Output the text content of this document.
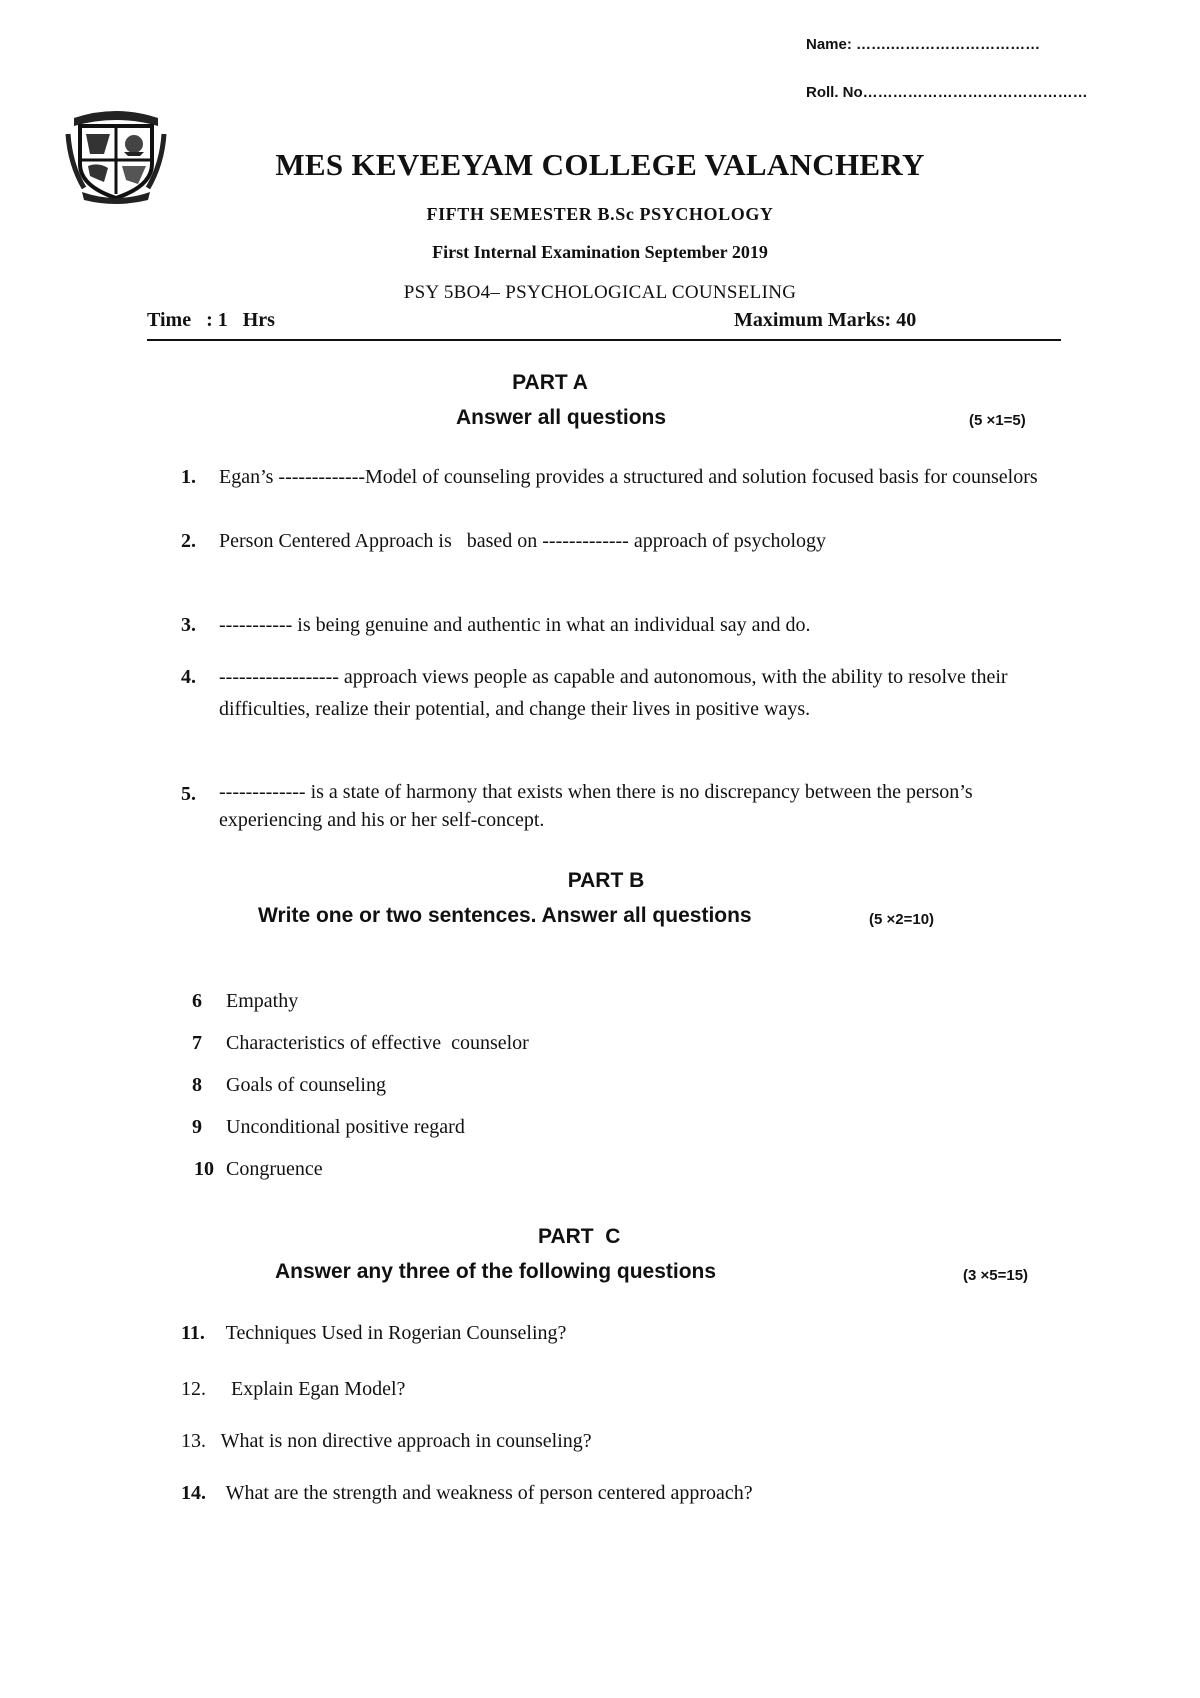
Name: …….…………………………
Roll. No………………………………………
MES KEVEEYAM COLLEGE VALANCHERY
FIFTH SEMESTER B.Sc PSYCHOLOGY
First Internal Examination September 2019
PSY 5BO4– PSYCHOLOGICAL COUNSELING
Time   : 1   Hrs	Maximum Marks: 40
PART A
Answer all questions	(5 ×1=5)
1. Egan’s -------------Model of counseling provides a structured and solution focused basis for counselors
2. Person Centered Approach is   based on ------------- approach of psychology
3. ----------- is being genuine and authentic in what an individual say and do.
4. ------------------ approach views people as capable and autonomous, with the ability to resolve their difficulties, realize their potential, and change their lives in positive ways.
5. ------------- is a state of harmony that exists when there is no discrepancy between the person’s experiencing and his or her self-concept.
PART B
Write one or two sentences. Answer all questions	(5 ×2=10)
6 Empathy
7 Characteristics of effective  counselor
8 Goals of counseling
9 Unconditional positive regard
10 Congruence
PART  C
Answer any three of the following questions	(3 ×5=15)
11. Techniques Used in Rogerian Counseling?
12. Explain Egan Model?
13. What is non directive approach in counseling?
14. What are the strength and weakness of person centered approach?
